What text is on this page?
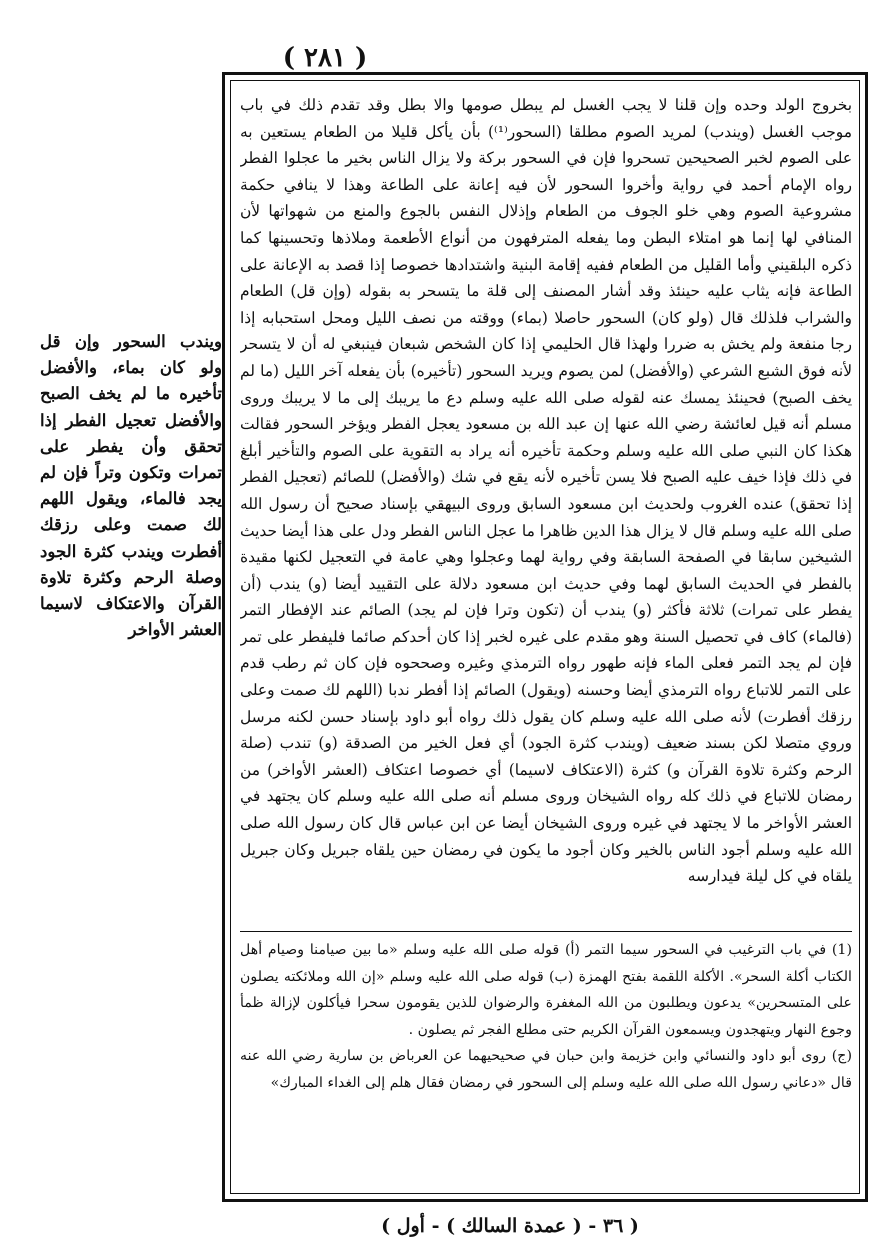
( ٢٨١ )

بخروج الولد وحده وإن قلنا لا يجب الغسل لم يبطل صومها والا بطل وقد تقدم ذلك في باب موجب الغسل (ويندب) لمريد الصوم مطلقا (السحور⁽¹⁾) بأن يأكل قليلا من الطعام يستعين به على الصوم لخبر الصحيحين تسحروا فإن في السحور بركة ولا يزال الناس بخير ما عجلوا الفطر رواه الإمام أحمد في رواية وأخروا السحور لأن فيه إعانة على الطاعة وهذا لا ينافي حكمة مشروعية الصوم وهي خلو الجوف من الطعام وإذلال النفس بالجوع والمنع من شهواتها لأن المنافي لها إنما هو امتلاء البطن وما يفعله المترفهون من أنواع الأطعمة وملاذها وتحسينها كما ذكره البلقيني وأما القليل من الطعام ففيه إقامة البنية واشتدادها خصوصا إذا قصد به الإعانة على الطاعة فإنه يثاب عليه حينئذ وقد أشار المصنف إلى قلة ما يتسحر به بقوله (وإن قل) الطعام والشراب فلذلك قال (ولو كان) السحور حاصلا (بماء) ووقته من نصف الليل ومحل استحبابه إذا رجا منفعة ولم يخش به ضررا ولهذا قال الحليمي إذا كان الشخص شبعان فينبغي له أن لا يتسحر لأنه فوق الشبع الشرعي (والأفضل) لمن يصوم ويريد السحور (تأخيره) بأن يفعله آخر الليل (ما لم يخف الصبح) فحينئذ يمسك عنه لقوله صلى الله عليه وسلم دع ما يريبك إلى ما لا يريبك وروى مسلم أنه قيل لعائشة رضي الله عنها إن عبد الله بن مسعود يعجل الفطر ويؤخر السحور فقالت هكذا كان النبي صلى الله عليه وسلم وحكمة تأخيره أنه يراد به التقوية على الصوم والتأخير أبلغ في ذلك فإذا خيف عليه الصبح فلا يسن تأخيره لأنه يقع في شك (والأفضل) للصائم (تعجيل الفطر إذا تحقق) عنده الغروب ولحديث ابن مسعود السابق وروى البيهقي بإسناد صحيح أن رسول الله صلى الله عليه وسلم قال لا يزال هذا الدين ظاهرا ما عجل الناس الفطر ودل على هذا أيضا حديث الشيخين سابقا في الصفحة السابقة وفي رواية لهما وعجلوا وهي عامة في التعجيل لكنها مقيدة بالفطر في الحديث السابق لهما وفي حديث ابن مسعود دلالة على التقييد أيضا (و) يندب (أن يفطر على تمرات) ثلاثة فأكثر (و) يندب أن (تكون وترا فإن لم يجد) الصائم عند الإفطار التمر (فالماء) كاف في تحصيل السنة وهو مقدم على غيره لخبر إذا كان أحدكم صائما فليفطر على تمر فإن لم يجد التمر فعلى الماء فإنه طهور رواه الترمذي وغيره وصححوه فإن كان ثم رطب قدم على التمر للاتباع رواه الترمذي أيضا وحسنه (ويقول) الصائم إذا أفطر ندبا (اللهم لك صمت وعلى رزقك أفطرت) لأنه صلى الله عليه وسلم كان يقول ذلك رواه أبو داود بإسناد حسن لكنه مرسل وروي متصلا لكن بسند ضعيف (ويندب كثرة الجود) أي فعل الخير من الصدقة (و) تندب (صلة الرحم وكثرة تلاوة القرآن و) كثرة (الاعتكاف لاسيما) أي خصوصا اعتكاف (العشر الأواخر) من رمضان للاتباع في ذلك كله رواه الشيخان وروى مسلم أنه صلى الله عليه وسلم كان يجتهد في العشر الأواخر ما لا يجتهد في غيره وروى الشيخان أيضا عن ابن عباس قال كان رسول الله صلى الله عليه وسلم أجود الناس بالخير وكان أجود ما يكون في رمضان حين يلقاه جبريل وكان جبريل يلقاه في كل ليلة فيدارسه

(1) في باب الترغيب في السحور سيما التمر (أ) قوله صلى الله عليه وسلم «ما بين صيامنا وصيام أهل الكتاب أكلة السحر». الأكلة اللقمة بفتح الهمزة (ب) قوله صلى الله عليه وسلم «إن الله وملائكته يصلون على المتسحرين» يدعون ويطلبون من الله المغفرة والرضوان للذين يقومون سحرا فيأكلون لإزالة ظمأ وجوع النهار ويتهجدون ويسمعون القرآن الكريم حتى مطلع الفجر ثم يصلون .

(ج) روى أبو داود والنسائي وابن خزيمة وابن حبان في صحيحيهما عن العرباض بن سارية رضي الله عنه قال «دعاني رسول الله صلى الله عليه وسلم إلى السحور في رمضان فقال هلم إلى الغداء المبارك»

ويندب السحور وإن قل ولو كان بماء، والأفضل تأخيره ما لم يخف الصبح والأفضل تعجيل الفطر إذا تحقق وأن يفطر على تمرات وتكون وتراً فإن لم يجد فالماء، ويقول اللهم لك صمت وعلى رزقك أفطرت ويندب كثرة الجود وصلة الرحم وكثرة تلاوة القرآن والاعتكاف لاسيما العشر الأواخر
( ٣٦ - ( عمدة السالك ) - أول )
